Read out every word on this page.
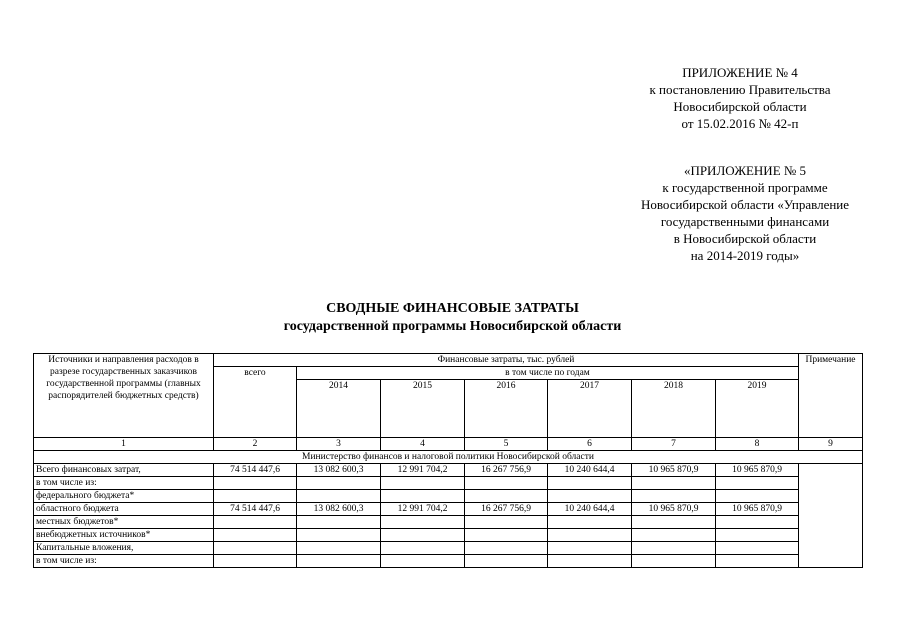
ПРИЛОЖЕНИЕ № 4
к постановлению Правительства
Новосибирской области
от 15.02.2016 № 42-п
«ПРИЛОЖЕНИЕ № 5
к государственной программе
Новосибирской области «Управление
государственными финансами
в Новосибирской области
на 2014-2019 годы»
СВОДНЫЕ ФИНАНСОВЫЕ ЗАТРАТЫ
государственной программы Новосибирской области
Источники и направления расходов в разрезе государственных заказчиков государственной программы (главных распорядителей бюджетных средств)	Финансовые затраты, тыс. рублей							Примечание
	всего	в том числе по годам						
		2014	2015	2016	2017	2018	2019	
1	2	3	4	5	6	7	8	9
Министерство финансов и налоговой политики Новосибирской области								
Всего финансовых затрат,	74 514 447,6	13 082 600,3	12 991 704,2	16 267 756,9	10 240 644,4	10 965 870,9	10 965 870,9	
в том числе из:								
федерального бюджета*								
областного бюджета	74 514 447,6	13 082 600,3	12 991 704,2	16 267 756,9	10 240 644,4	10 965 870,9	10 965 870,9	
местных бюджетов*								
внебюджетных источников*								
Капитальные вложения,								
в том числе из:								
